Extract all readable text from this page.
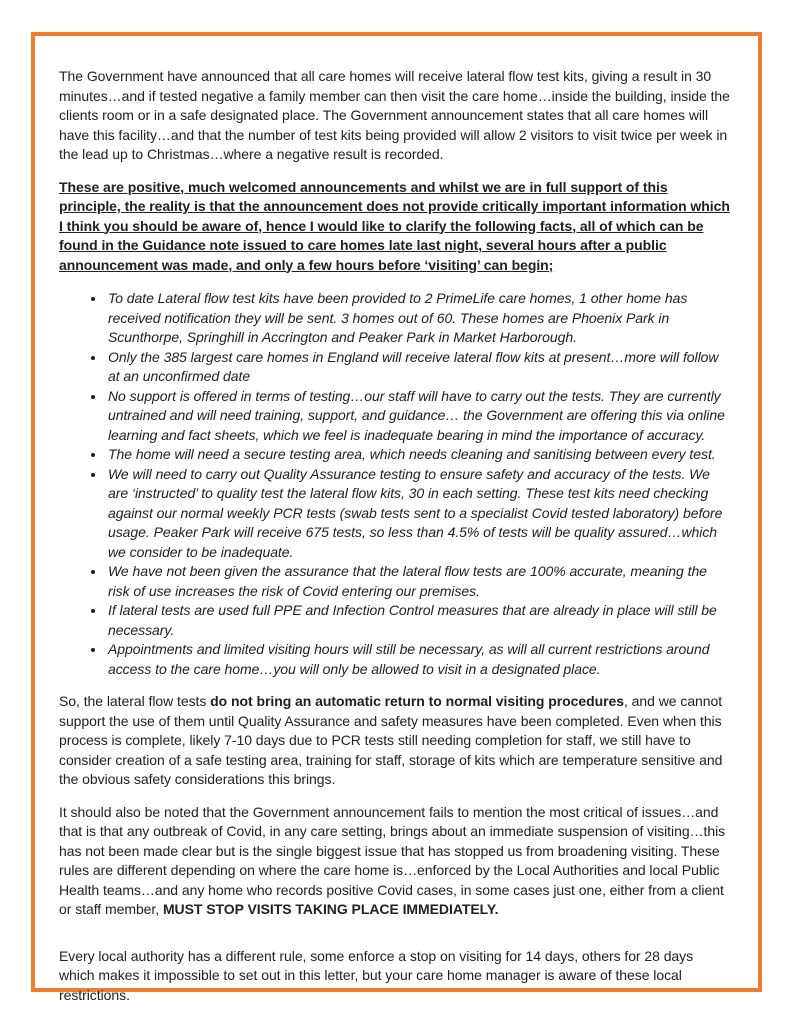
The Government have announced that all care homes will receive lateral flow test kits, giving a result in 30 minutes…and if tested negative a family member can then visit the care home…inside the building, inside the clients room or in a safe designated place. The Government announcement states that all care homes will have this facility…and that the number of test kits being provided will allow 2 visitors to visit twice per week in the lead up to Christmas…where a negative result is recorded.

These are positive, much welcomed announcements and whilst we are in full support of this principle, the reality is that the announcement does not provide critically important information which I think you should be aware of, hence I would like to clarify the following facts, all of which can be found in the Guidance note issued to care homes late last night, several hours after a public announcement was made, and only a few hours before ‘visiting’ can begin;

• To date Lateral flow test kits have been provided to 2 PrimeLife care homes, 1 other home has received notification they will be sent. 3 homes out of 60. These homes are Phoenix Park in Scunthorpe, Springhill in Accrington and Peaker Park in Market Harborough.
• Only the 385 largest care homes in England will receive lateral flow kits at present…more will follow at an unconfirmed date
• No support is offered in terms of testing…our staff will have to carry out the tests. They are currently untrained and will need training, support, and guidance… the Government are offering this via online learning and fact sheets, which we feel is inadequate bearing in mind the importance of accuracy.
• The home will need a secure testing area, which needs cleaning and sanitising between every test.
• We will need to carry out Quality Assurance testing to ensure safety and accuracy of the tests. We are ‘instructed’ to quality test the lateral flow kits, 30 in each setting. These test kits need checking against our normal weekly PCR tests (swab tests sent to a specialist Covid tested laboratory) before usage. Peaker Park will receive 675 tests, so less than 4.5% of tests will be quality assured…which we consider to be inadequate.
• We have not been given the assurance that the lateral flow tests are 100% accurate, meaning the risk of use increases the risk of Covid entering our premises.
• If lateral tests are used full PPE and Infection Control measures that are already in place will still be necessary.
• Appointments and limited visiting hours will still be necessary, as will all current restrictions around access to the care home…you will only be allowed to visit in a designated place.

So, the lateral flow tests do not bring an automatic return to normal visiting procedures, and we cannot support the use of them until Quality Assurance and safety measures have been completed. Even when this process is complete, likely 7-10 days due to PCR tests still needing completion for staff, we still have to consider creation of a safe testing area, training for staff, storage of kits which are temperature sensitive and the obvious safety considerations this brings.

It should also be noted that the Government announcement fails to mention the most critical of issues…and that is that any outbreak of Covid, in any care setting, brings about an immediate suspension of visiting…this has not been made clear but is the single biggest issue that has stopped us from broadening visiting. These rules are different depending on where the care home is…enforced by the Local Authorities and local Public Health teams…and any home who records positive Covid cases, in some cases just one, either from a client or staff member, MUST STOP VISITS TAKING PLACE IMMEDIATELY.

Every local authority has a different rule, some enforce a stop on visiting for 14 days, others for 28 days which makes it impossible to set out in this letter, but your care home manager is aware of these local restrictions.
